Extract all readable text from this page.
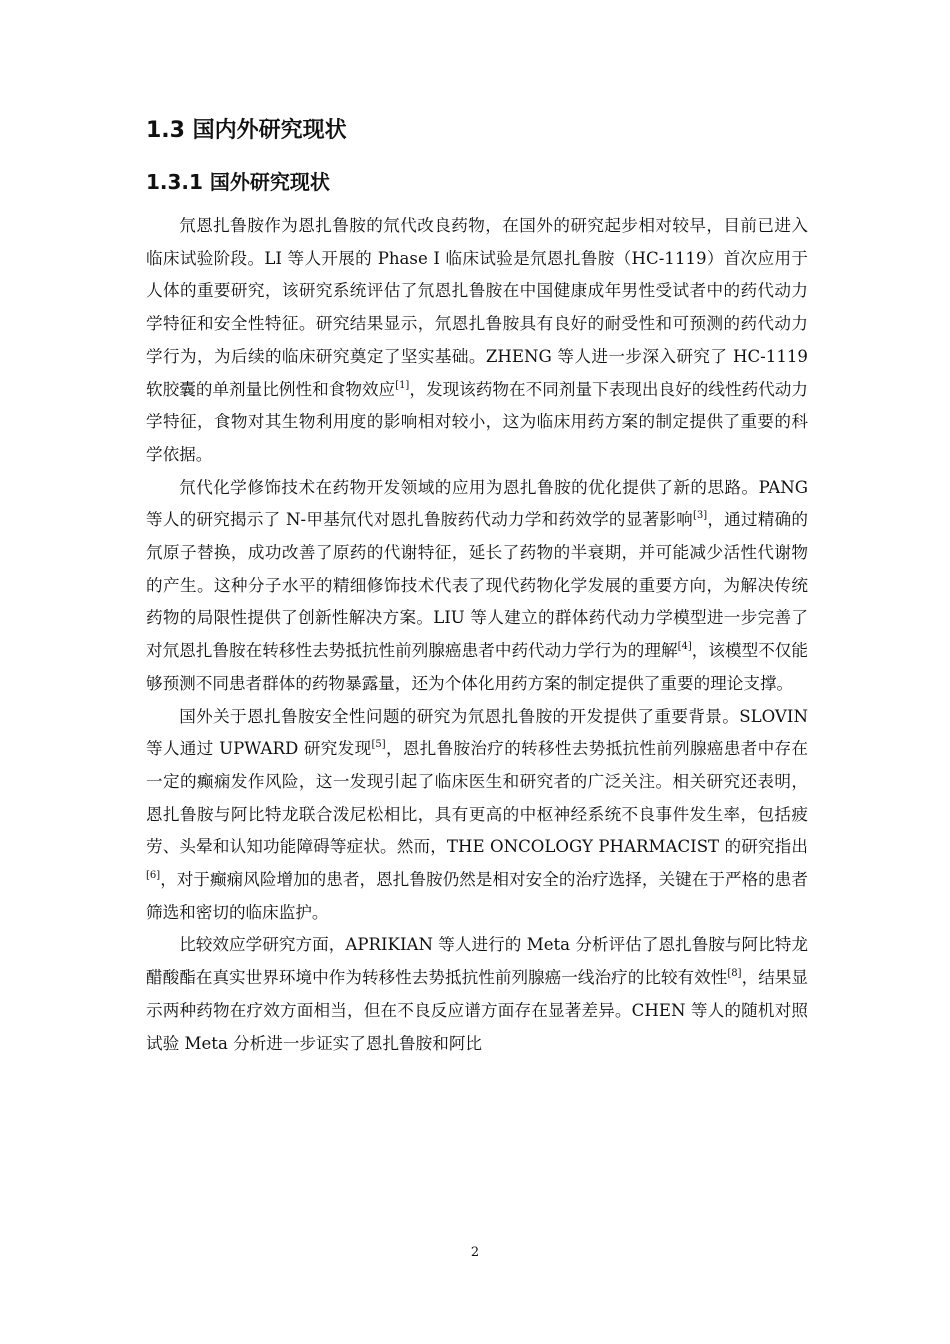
1.3 国内外研究现状
1.3.1 国外研究现状

氘恩扎鲁胺作为恩扎鲁胺的氘代改良药物，在国外的研究起步相对较早，目前已进入临床试验阶段。LI 等人开展的 Phase I 临床试验是氘恩扎鲁胺（HC-1119）首次应用于人体的重要研究，该研究系统评估了氘恩扎鲁胺在中国健康成年男性受试者中的药代动力学特征和安全性特征。研究结果显示，氘恩扎鲁胺具有良好的耐受性和可预测的药代动力学行为，为后续的临床研究奠定了坚实基础。ZHENG 等人进一步深入研究了 HC-1119 软胶囊的单剂量比例性和食物效应[1]，发现该药物在不同剂量下表现出良好的线性药代动力学特征，食物对其生物利用度的影响相对较小，这为临床用药方案的制定提供了重要的科学依据。

氘代化学修饰技术在药物开发领域的应用为恩扎鲁胺的优化提供了新的思路。PANG 等人的研究揭示了 N-甲基氘代对恩扎鲁胺药代动力学和药效学的显著影响[3]，通过精确的氘原子替换，成功改善了原药的代谢特征，延长了药物的半衰期，并可能减少活性代谢物的产生。这种分子水平的精细修饰技术代表了现代药物化学发展的重要方向，为解决传统药物的局限性提供了创新性解决方案。LIU 等人建立的群体药代动力学模型进一步完善了对氘恩扎鲁胺在转移性去势抵抗性前列腺癌患者中药代动力学行为的理解[4]，该模型不仅能够预测不同患者群体的药物暴露量，还为个体化用药方案的制定提供了重要的理论支撑。

国外关于恩扎鲁胺安全性问题的研究为氘恩扎鲁胺的开发提供了重要背景。SLOVIN 等人通过 UPWARD 研究发现[5]，恩扎鲁胺治疗的转移性去势抵抗性前列腺癌患者中存在一定的癫痫发作风险，这一发现引起了临床医生和研究者的广泛关注。相关研究还表明，恩扎鲁胺与阿比特龙联合泼尼松相比，具有更高的中枢神经系统不良事件发生率，包括疲劳、头晕和认知功能障碍等症状。然而，THE ONCOLOGY PHARMACIST 的研究指出[6]，对于癫痫风险增加的患者，恩扎鲁胺仍然是相对安全的治疗选择，关键在于严格的患者筛选和密切的临床监护。

比较效应学研究方面，APRIKIAN 等人进行的 Meta 分析评估了恩扎鲁胺与阿比特龙醋酸酯在真实世界环境中作为转移性去势抵抗性前列腺癌一线治疗的比较有效性[8]，结果显示两种药物在疗效方面相当，但在不良反应谱方面存在显著差异。CHEN 等人的随机对照试验 Meta 分析进一步证实了恩扎鲁胺和阿比

2
